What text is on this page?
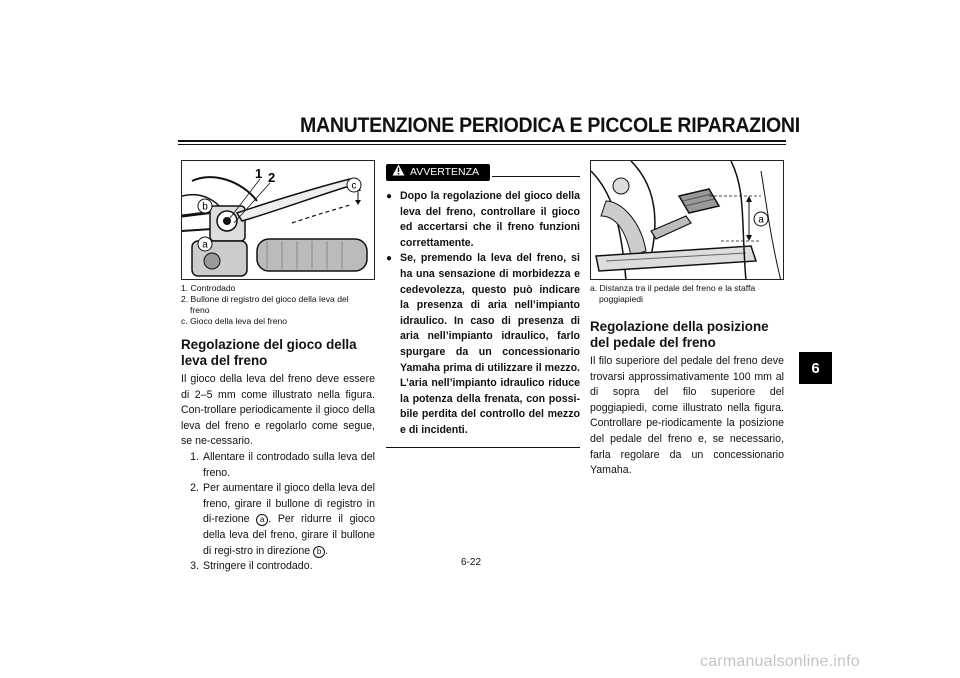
MANUTENZIONE PERIODICA E PICCOLE RIPARAZIONI
6
c
b
a
1 2
1. Controdado
2. Bullone di registro del gioco della leva del
freno
c. Gioco della leva del freno
Regolazione del gioco della leva del freno
Il gioco della leva del freno deve essere di 2–5 mm come illustrato nella figura. Con-trollare periodicamente il gioco della leva del freno e regolarlo come segue, se ne-cessario.
1. Allentare il controdado sulla leva del freno.
2. Per aumentare il gioco della leva del freno, girare il bullone di registro in di-rezione a . Per ridurre il gioco della leva del freno, girare il bullone di regi-stro in direzione b .
3. Stringere il controdado.
AVVERTENZA
● Dopo la regolazione del gioco della leva del freno, controllare il gioco ed accertarsi che il freno funzioni correttamente.
● Se, premendo la leva del freno, si ha una sensazione di morbidezza e cedevolezza, questo può indicare la presenza di aria nell’impianto idraulico. In caso di presenza di aria nell’impianto idraulico, farlo spurgare da un concessionario Yamaha prima di utilizzare il mezzo. L’aria nell’impianto idraulico riduce la potenza della frenata, con possi-bile perdita del controllo del mezzo e di incidenti.
a
a. Distanza tra il pedale del freno e la staffa
poggiapiedi
Regolazione della posizione del pedale del freno
Il filo superiore del pedale del freno deve trovarsi approssimativamente 100 mm al di sopra del filo superiore del poggiapiedi, come illustrato nella figura. Controllare pe-riodicamente la posizione del pedale del freno e, se necessario, farla regolare da un concessionario Yamaha.
6-22
carmanualsonline.info
